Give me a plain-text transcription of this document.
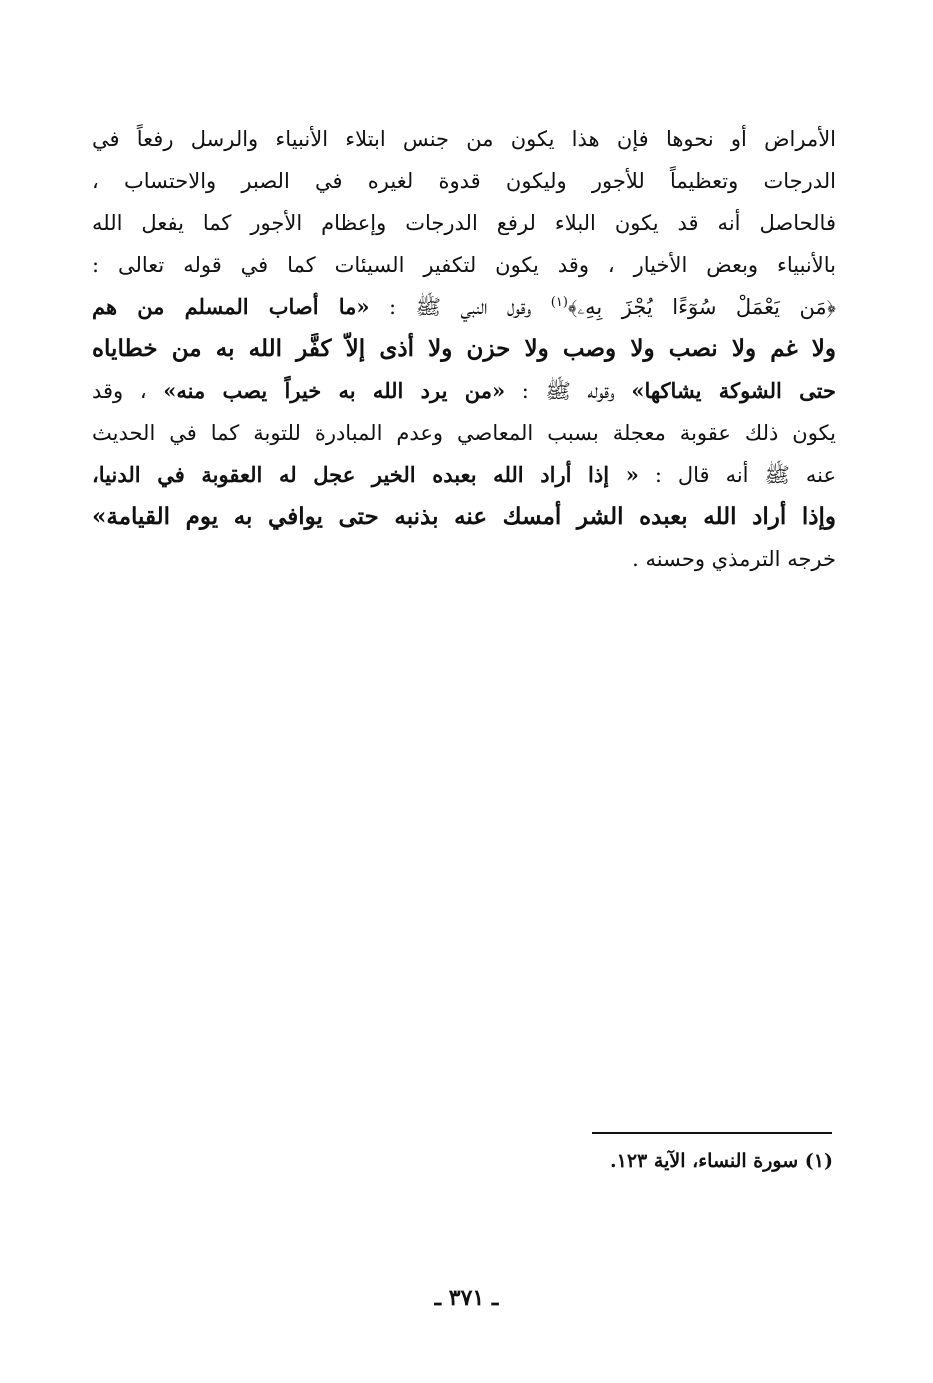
الأمراض أو نحوها فإن هذا يكون من جنس ابتلاء الأنبياء والرسل رفعاً في
الدرجات وتعظيماً للأجور وليكون قدوة لغيره في الصبر والاحتساب ،
فالحاصل أنه قد يكون البلاء لرفع الدرجات وإعظام الأجور كما يفعل الله
بالأنبياء وبعض الأخيار ، وقد يكون لتكفير السيئات كما في قوله تعالى :
﴿مَن يَعْمَلْ سُوٓءًا يُجْزَ بِهِۦ﴾$^{(١)}$ وقول النبي ﷺ : «ما أصاب المسلم من هم
ولا غم ولا نصب ولا وصب ولا حزن ولا أذى إلاّ كفَّر الله به من خطاياه
حتى الشوكة يشاكها» وقوله ﷺ : «من يرد الله به خيراً يصب منه» ، وقد
يكون ذلك عقوبة معجلة بسبب المعاصي وعدم المبادرة للتوبة كما في الحديث
عنه ﷺ أنه قال : « إذا أراد الله بعبده الخير عجل له العقوبة في الدنيا،
وإذا أراد الله بعبده الشر أمسك عنه بذنبه حتى يوافي به يوم القيامة»
خرجه الترمذي وحسنه .
(١) سورة النساء، الآية ١٢٣.
ـ ٣٧١ ـ
